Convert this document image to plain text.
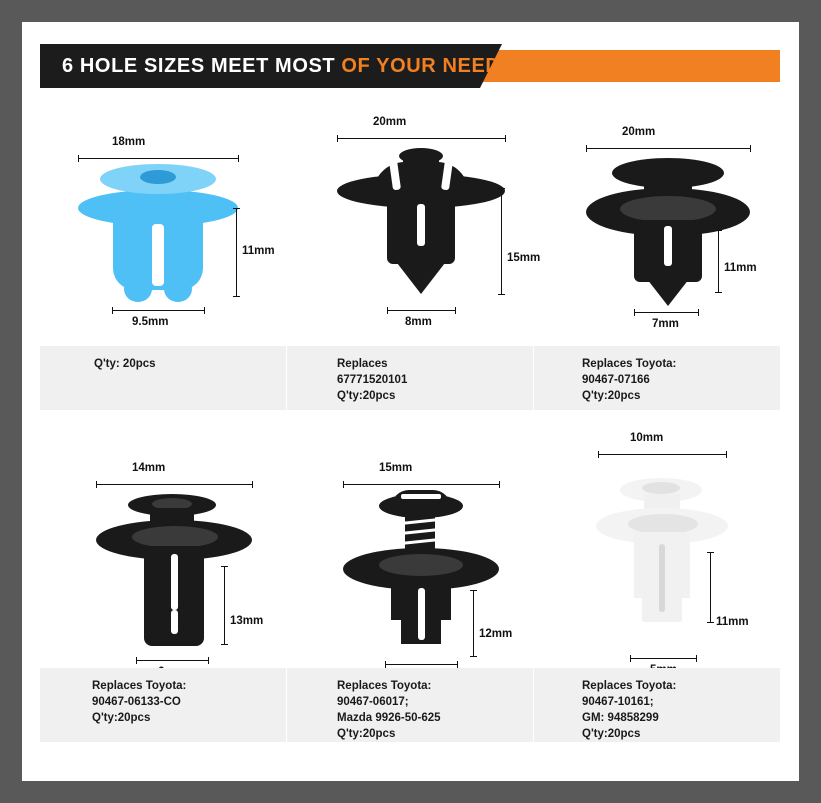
6 HOLE SIZES MEET MOST OF YOUR NEEDS
18mm
11mm
9.5mm
Q'ty: 20pcs
20mm
15mm
8mm
Replaces
67771520101
Q'ty:20pcs
20mm
11mm
7mm
Replaces Toyota:
90467-07166
Q'ty:20pcs
14mm
13mm
Replaces Toyota:
90467-06133-CO
Q'ty:20pcs
15mm
12mm
Replaces Toyota:
90467-06017;
Mazda 9926-50-625
Q'ty:20pcs
10mm
11mm
Replaces Toyota:
90467-10161;
GM: 94858299
Q'ty:20pcs
